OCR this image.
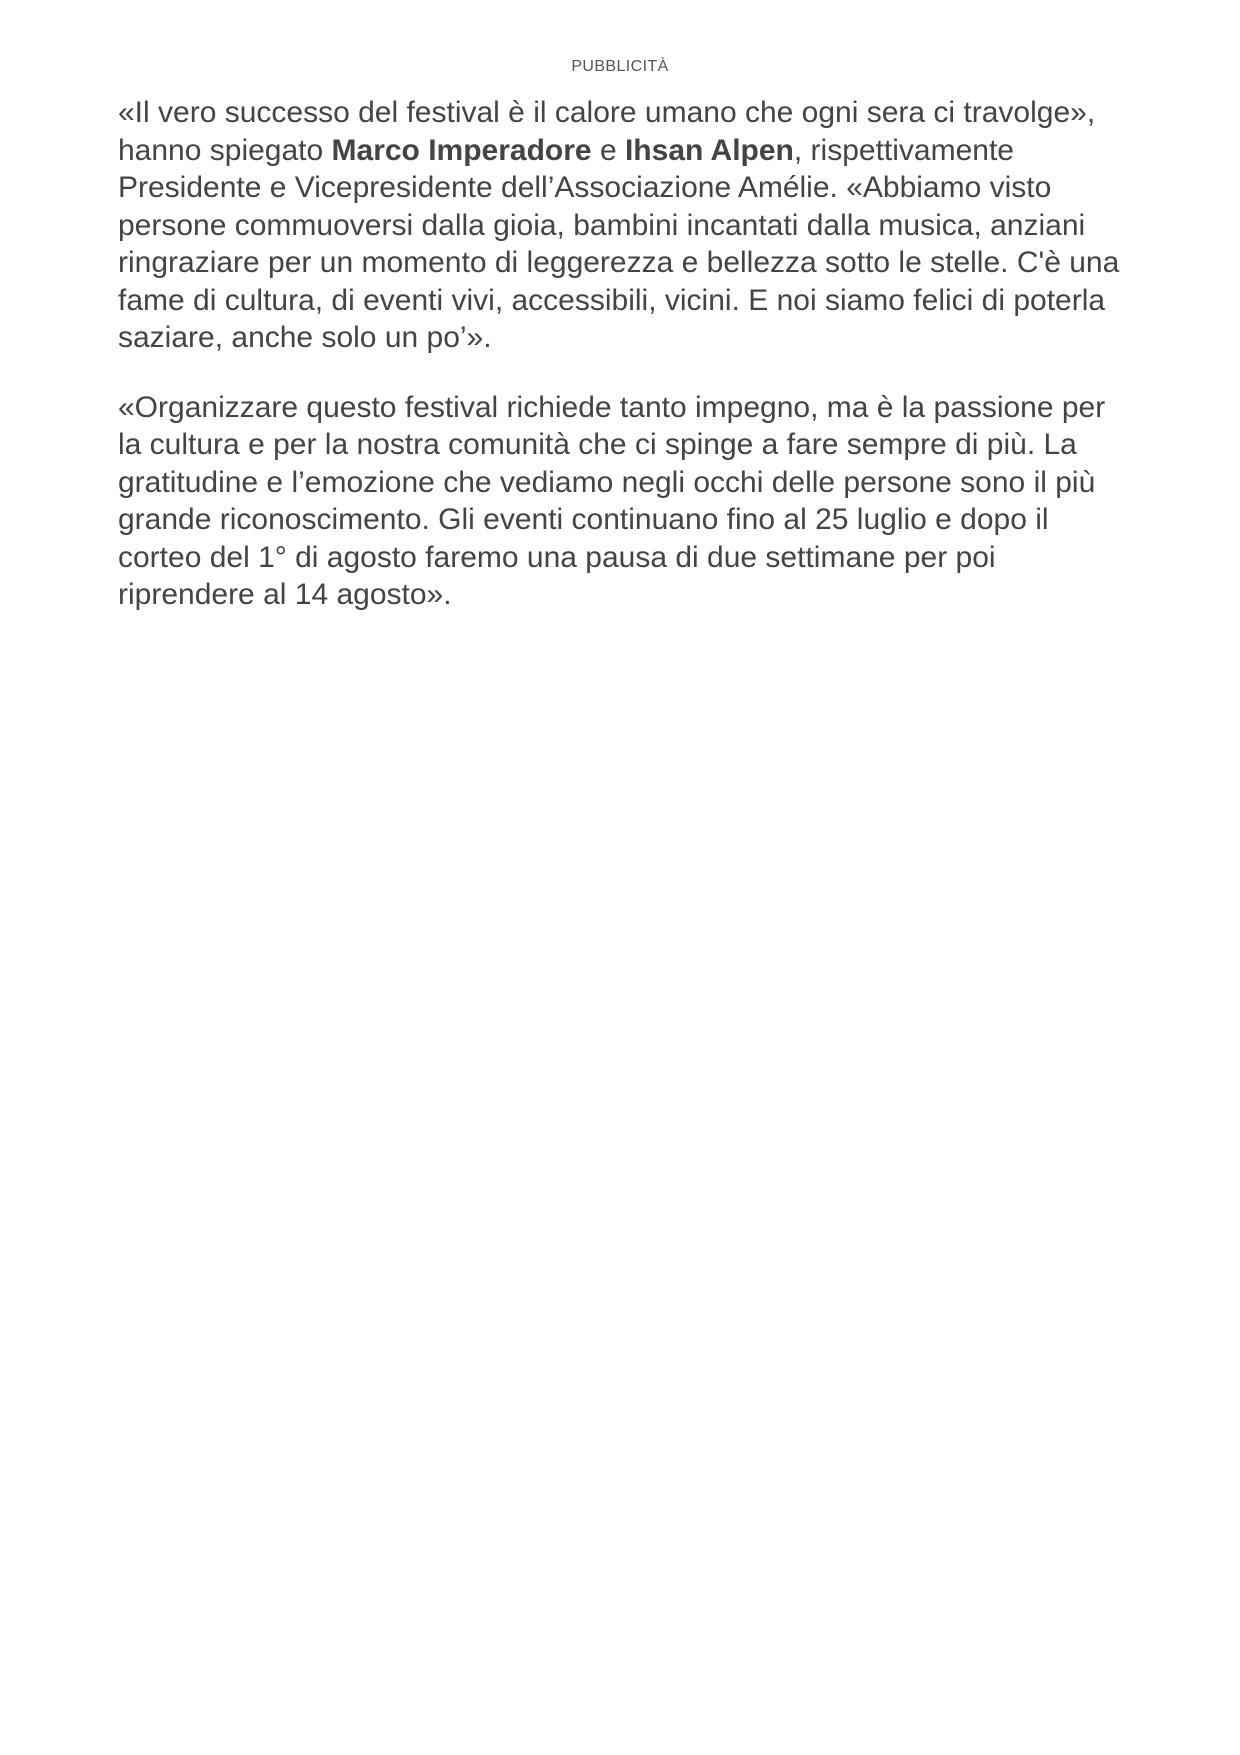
PUBBLICITÀ

«Il vero successo del festival è il calore umano che ogni sera ci travolge», hanno spiegato Marco Imperadore e Ihsan Alpen, rispettivamente Presidente e Vicepresidente dell’Associazione Amélie. «Abbiamo visto persone commuoversi dalla gioia, bambini incantati dalla musica, anziani ringraziare per un momento di leggerezza e bellezza sotto le stelle. C'è una fame di cultura, di eventi vivi, accessibili, vicini. E noi siamo felici di poterla saziare, anche solo un po’».

«Organizzare questo festival richiede tanto impegno, ma è la passione per la cultura e per la nostra comunità che ci spinge a fare sempre di più. La gratitudine e l’emozione che vediamo negli occhi delle persone sono il più grande riconoscimento. Gli eventi continuano fino al 25 luglio e dopo il corteo del 1° di agosto faremo una pausa di due settimane per poi riprendere al 14 agosto».
